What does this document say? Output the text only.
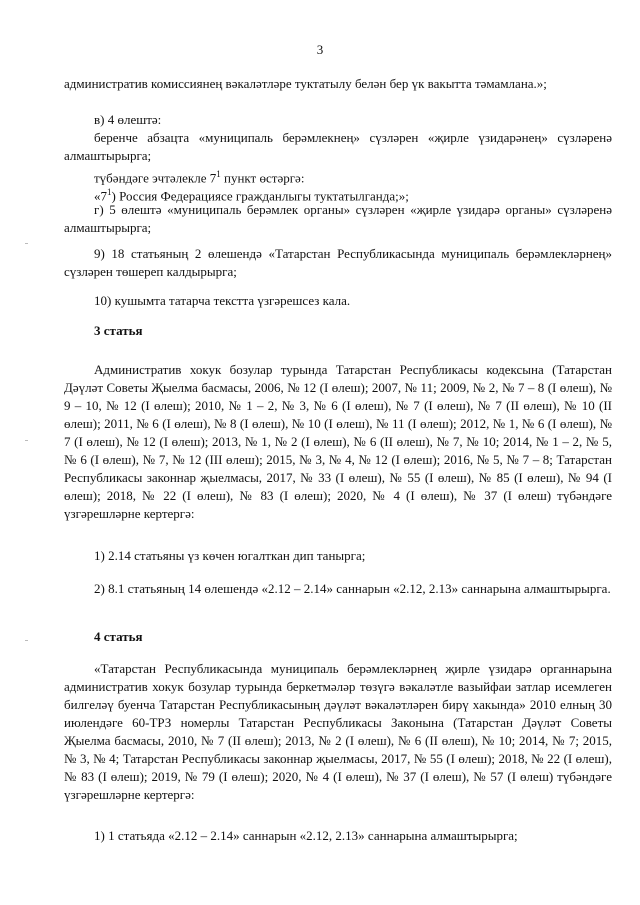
3

административ комиссиянең вәкаләтләре туктатылу белән бер үк вакытта тәмамлана.»;

в) 4 өлештә:

беренче абзацта «муниципаль берәмлекнең» сүзләрен «җирле үзидарәнең» сүзләренә алмаштырырга;

түбәндәге эчтәлекле $7^1$ пункт өстәргә:
«$7^1$) Россия Федерациясе гражданлыгы туктатылганда;»;

г) 5 өлештә «муниципаль берәмлек органы» сүзләрен «җирле үзидарә органы» сүзләренә алмаштырырга;

9) 18 статьяның 2 өлешендә «Татарстан Республикасында муниципаль берәмлекләрнең» сүзләрен төшереп калдырырга;

10) кушымта татарча текстта үзгәрешсез кала.
3 статья

Административ хокук бозулар турында Татарстан Республикасы кодексына (Татарстан Дәүләт Советы Җыелма басмасы, 2006, № 12 (I өлеш); 2007, № 11; 2009, № 2, № 7 – 8 (I өлеш), № 9 – 10, № 12 (I өлеш); 2010, № 1 – 2, № 3, № 6 (I өлеш), № 7 (I өлеш), № 7 (II өлеш), № 10 (II өлеш); 2011, № 6 (I өлеш), № 8 (I өлеш), № 10 (I өлеш), № 11 (I өлеш); 2012, № 1, № 6 (I өлеш), № 7 (I өлеш), № 12 (I өлеш); 2013, № 1, № 2 (I өлеш), № 6 (II өлеш), № 7, № 10; 2014, № 1 – 2, № 5, № 6 (I өлеш), № 7, № 12 (III өлеш); 2015, № 3, № 4, № 12 (I өлеш); 2016, № 5, № 7 – 8; Татарстан Республикасы законнар җыелмасы, 2017, № 33 (I өлеш), № 55 (I өлеш), № 85 (I өлеш), № 94 (I өлеш); 2018, № 22 (I өлеш), № 83 (I өлеш); 2020, № 4 (I өлеш), № 37 (I өлеш) түбәндәге үзгәрешләрне кертергә:

1) 2.14 статьяны үз көчен югалткан дип танырга;

2) 8.1 статьяның 14 өлешендә «2.12 – 2.14» саннарын «2.12, 2.13» саннарына алмаштырырга.

4 статья

«Татарстан Республикасында муниципаль берәмлекләрнең җирле үзидарә органнарына административ хокук бозулар турында беркетмәләр төзүгә вәкаләтле вазыйфаи затлар исемлеген билгеләү буенча Татарстан Республикасының дәүләт вәкаләтләрен бирү хакында» 2010 елның 30 июлендәге 60-ТРЗ номерлы Татарстан Республикасы Законына (Татарстан Дәүләт Советы Җыелма басмасы, 2010, № 7 (II өлеш); 2013, № 2 (I өлеш), № 6 (II өлеш), № 10; 2014, № 7; 2015, № 3, № 4; Татарстан Республикасы законнар җыелмасы, 2017, № 55 (I өлеш); 2018, № 22 (I өлеш), № 83 (I өлеш); 2019, № 79 (I өлеш); 2020, № 4 (I өлеш), № 37 (I өлеш), № 57 (I өлеш) түбәндәге үзгәрешләрне кертергә:

1) 1 статьяда «2.12 – 2.14» саннарын «2.12, 2.13» саннарына алмаштырырга;
